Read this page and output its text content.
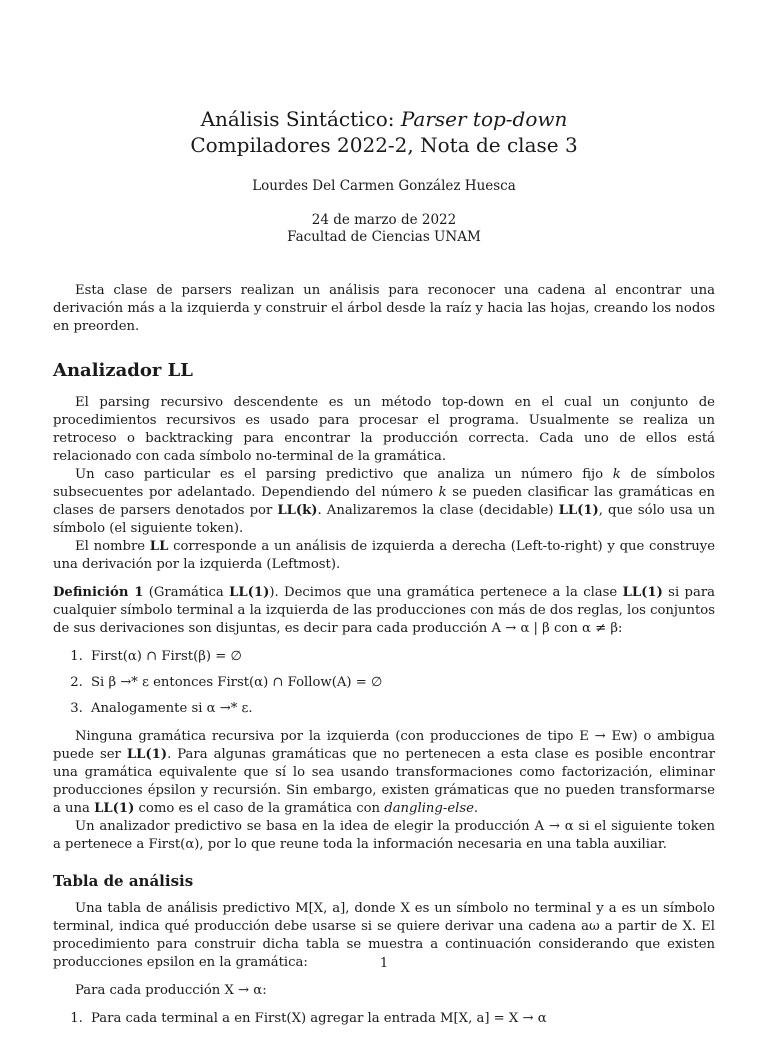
Análisis Sintáctico: Parser top-down
Compiladores 2022-2, Nota de clase 3
Lourdes Del Carmen González Huesca
24 de marzo de 2022
Facultad de Ciencias UNAM

Esta clase de parsers realizan un análisis para reconocer una cadena al encontrar una derivación más a la izquierda y construir el árbol desde la raíz y hacia las hojas, creando los nodos en preorden.

Analizador LL

El parsing recursivo descendente es un método top-down en el cual un conjunto de procedimientos recursivos es usado para procesar el programa. Usualmente se realiza un retroceso o backtracking para encontrar la producción correcta. Cada uno de ellos está relacionado con cada símbolo no-terminal de la gramática.

Un caso particular es el parsing predictivo que analiza un número fijo k de símbolos subsecuentes por adelantado. Dependiendo del número k se pueden clasificar las gramáticas en clases de parsers denotados por LL(k). Analizaremos la clase (decidable) LL(1), que sólo usa un símbolo (el siguiente token).

El nombre LL corresponde a un análisis de izquierda a derecha (Left-to-right) y que construye una derivación por la izquierda (Leftmost).

Definición 1 (Gramática LL(1)). Decimos que una gramática pertenece a la clase LL(1) si para cualquier símbolo terminal a la izquierda de las producciones con más de dos reglas, los conjuntos de sus derivaciones son disjuntas, es decir para cada producción A → α | β con α ≠ β:

1. First(α) ∩ First(β) = ∅
2. Si β →* ε entonces First(α) ∩ Follow(A) = ∅
3. Analogamente si α →* ε.

Ninguna gramática recursiva por la izquierda (con producciones de tipo E → Ew) o ambigua puede ser LL(1). Para algunas gramáticas que no pertenecen a esta clase es posible encontrar una gramática equivalente que sí lo sea usando transformaciones como factorización, eliminar producciones épsilon y recursión. Sin embargo, existen grámaticas que no pueden transformarse a una LL(1) como es el caso de la gramática con dangling-else.

Un analizador predictivo se basa en la idea de elegir la producción A → α si el siguiente token a pertenece a First(α), por lo que reune toda la información necesaria en una tabla auxiliar.

Tabla de análisis

Una tabla de análisis predictivo M[X, a], donde X es un símbolo no terminal y a es un símbolo terminal, indica qué producción debe usarse si se quiere derivar una cadena aω a partir de X. El procedimiento para construir dicha tabla se muestra a continuación considerando que existen producciones epsilon en la gramática:

Para cada producción X → α:

1. Para cada terminal a en First(X) agregar la entrada M[X, a] = X → α
1
